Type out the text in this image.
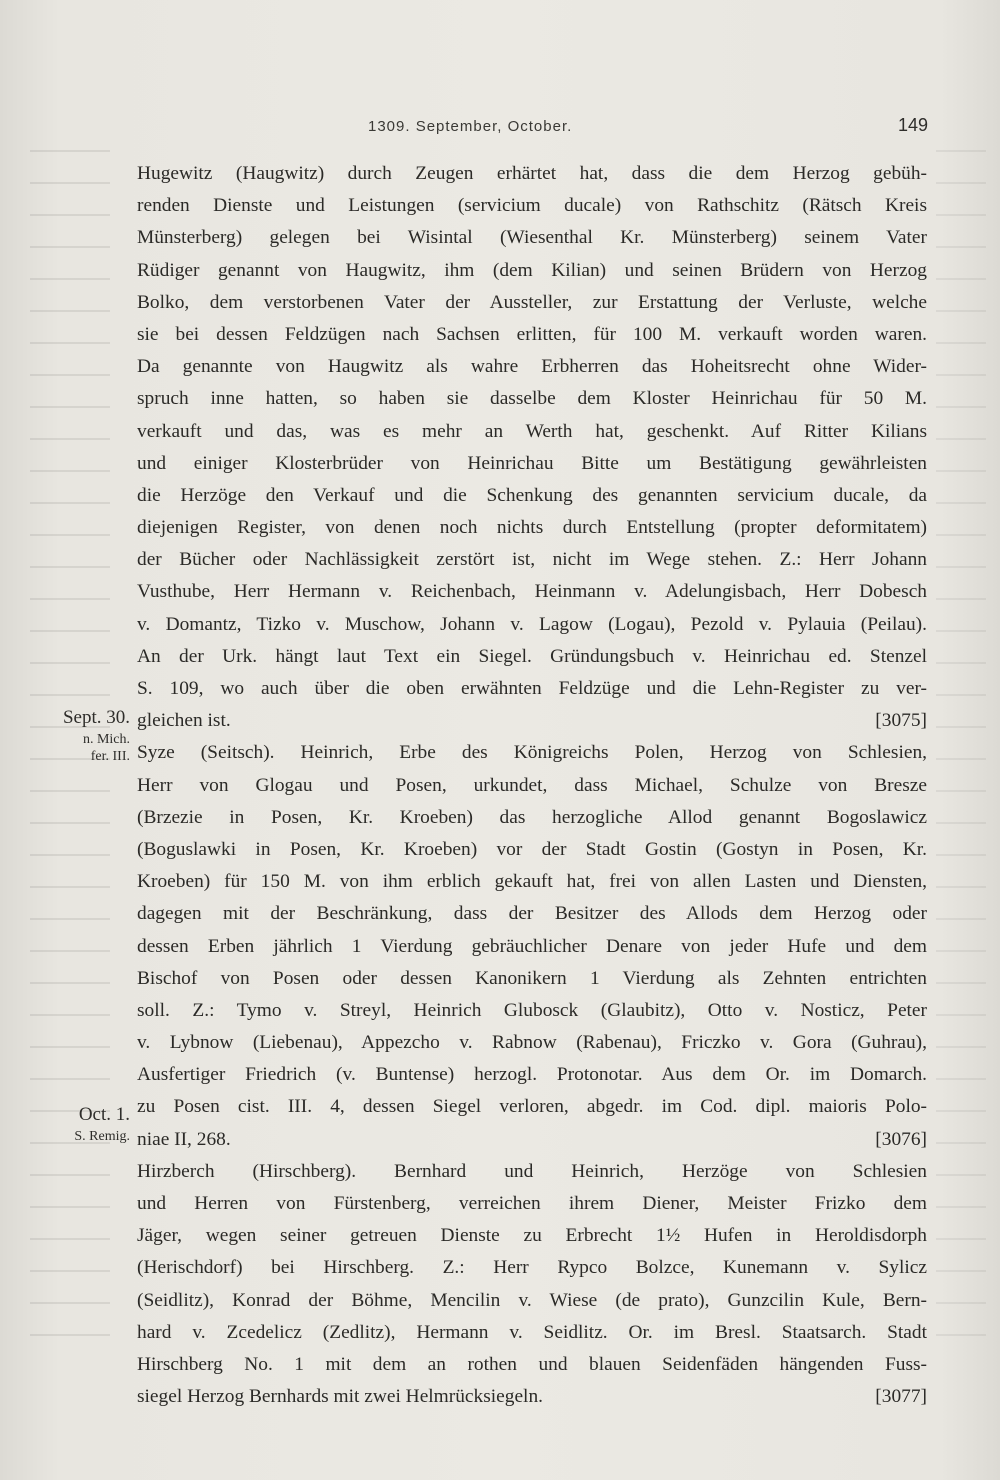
1309. September, October.	149
Sept. 30.
n. Mich.
fer. III.
Oct. 1.
S. Remig.
Hugewitz (Haugwitz) durch Zeugen erhärtet hat, dass die dem Herzog gebüh-
renden Dienste und Leistungen (servicium ducale) von Rathschitz (Rätsch Kreis
Münsterberg) gelegen bei Wisintal (Wiesenthal Kr. Münsterberg) seinem Vater
Rüdiger genannt von Haugwitz, ihm (dem Kilian) und seinen Brüdern von Herzog
Bolko, dem verstorbenen Vater der Aussteller, zur Erstattung der Verluste, welche
sie bei dessen Feldzügen nach Sachsen erlitten, für 100 M. verkauft worden waren.
Da genannte von Haugwitz als wahre Erbherren das Hoheitsrecht ohne Wider-
spruch inne hatten, so haben sie dasselbe dem Kloster Heinrichau für 50 M.
verkauft und das, was es mehr an Werth hat, geschenkt. Auf Ritter Kilians
und einiger Klosterbrüder von Heinrichau Bitte um Bestätigung gewährleisten
die Herzöge den Verkauf und die Schenkung des genannten servicium ducale, da
diejenigen Register, von denen noch nichts durch Entstellung (propter deformitatem)
der Bücher oder Nachlässigkeit zerstört ist, nicht im Wege stehen. Z.: Herr Johann
Vusthube, Herr Hermann v. Reichenbach, Heinmann v. Adelungisbach, Herr Dobesch
v. Domantz, Tizko v. Muschow, Johann v. Lagow (Logau), Pezold v. Pylauia (Peilau).
An der Urk. hängt laut Text ein Siegel. Gründungsbuch v. Heinrichau ed. Stenzel
S. 109, wo auch über die oben erwähnten Feldzüge und die Lehn-Register zu ver-
gleichen ist.	[3075]
Syze (Seitsch). Heinrich, Erbe des Königreichs Polen, Herzog von Schlesien,
Herr von Glogau und Posen, urkundet, dass Michael, Schulze von Bresze
(Brzezie in Posen, Kr. Kroeben) das herzogliche Allod genannt Bogoslawicz
(Boguslawki in Posen, Kr. Kroeben) vor der Stadt Gostin (Gostyn in Posen, Kr.
Kroeben) für 150 M. von ihm erblich gekauft hat, frei von allen Lasten und Diensten,
dagegen mit der Beschränkung, dass der Besitzer des Allods dem Herzog oder
dessen Erben jährlich 1 Vierdung gebräuchlicher Denare von jeder Hufe und dem
Bischof von Posen oder dessen Kanonikern 1 Vierdung als Zehnten entrichten
soll. Z.: Tymo v. Streyl, Heinrich Glubosck (Glaubitz), Otto v. Nosticz, Peter
v. Lybnow (Liebenau), Appezcho v. Rabnow (Rabenau), Friczko v. Gora (Guhrau),
Ausfertiger Friedrich (v. Buntense) herzogl. Protonotar. Aus dem Or. im Domarch.
zu Posen cist. III. 4, dessen Siegel verloren, abgedr. im Cod. dipl. maioris Polo-
niae II, 268.	[3076]
Hirzberch (Hirschberg). Bernhard und Heinrich, Herzöge von Schlesien
und Herren von Fürstenberg, verreichen ihrem Diener, Meister Frizko dem
Jäger, wegen seiner getreuen Dienste zu Erbrecht 1½ Hufen in Heroldisdorph
(Herischdorf) bei Hirschberg. Z.: Herr Rypco Bolzce, Kunemann v. Sylicz
(Seidlitz), Konrad der Böhme, Mencilin v. Wiese (de prato), Gunzcilin Kule, Bern-
hard v. Zcedelicz (Zedlitz), Hermann v. Seidlitz. Or. im Bresl. Staatsarch. Stadt
Hirschberg No. 1 mit dem an rothen und blauen Seidenfäden hängenden Fuss-
siegel Herzog Bernhards mit zwei Helmrücksiegeln.	[3077]
